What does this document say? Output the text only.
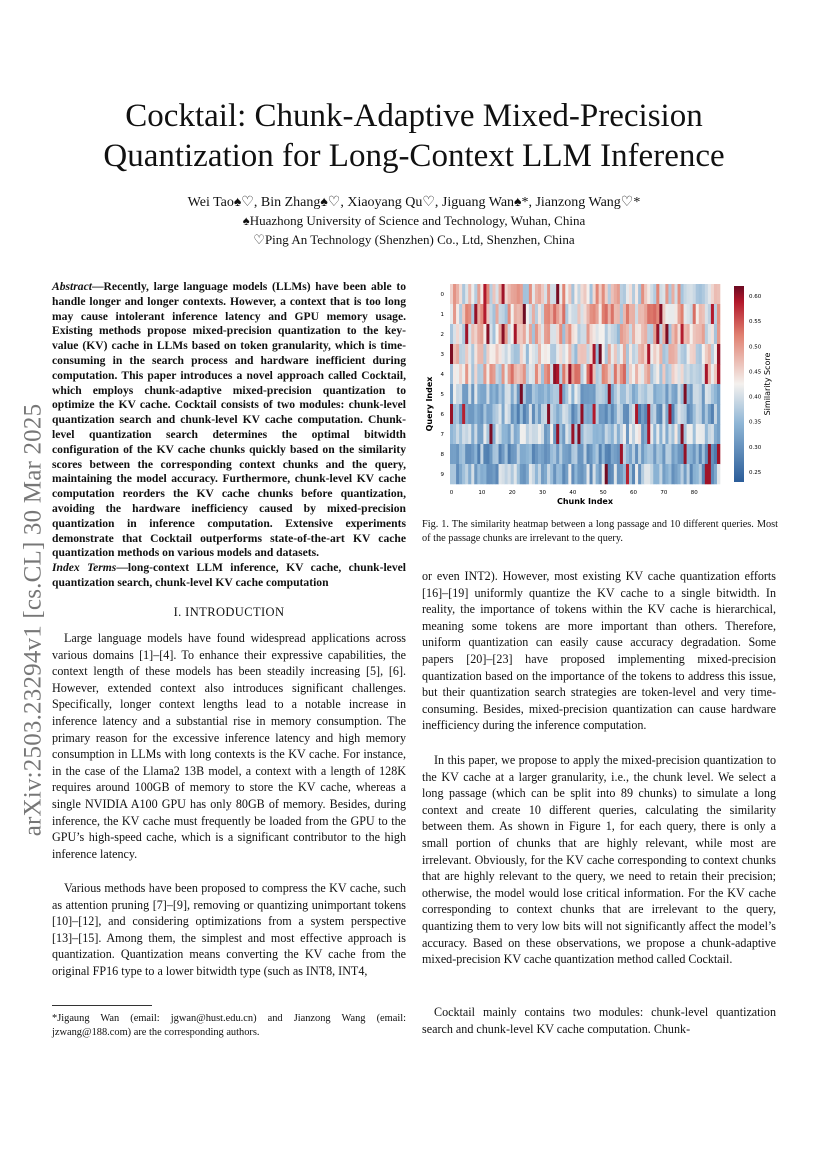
arXiv:2503.23294v1 [cs.CL] 30 Mar 2025
Cocktail: Chunk-Adaptive Mixed-Precision
Quantization for Long-Context LLM Inference
Wei Tao♠♡, Bin Zhang♠♡, Xiaoyang Qu♡, Jiguang Wan♠*, Jianzong Wang♡*
♠Huazhong University of Science and Technology, Wuhan, China
♡Ping An Technology (Shenzhen) Co., Ltd, Shenzhen, China
Abstract—Recently, large language models (LLMs) have been able to handle longer and longer contexts. However, a context that is too long may cause intolerant inference latency and GPU memory usage. Existing methods propose mixed-precision quantization to the key-value (KV) cache in LLMs based on token granularity, which is time-consuming in the search process and hardware inefficient during computation. This paper introduces a novel approach called Cocktail, which employs chunk-adaptive mixed-precision quantization to optimize the KV cache. Cocktail consists of two modules: chunk-level quantization search and chunk-level KV cache computation. Chunk-level quantization search determines the optimal bitwidth configuration of the KV cache chunks quickly based on the similarity scores between the corresponding context chunks and the query, maintaining the model accuracy. Furthermore, chunk-level KV cache computation reorders the KV cache chunks before quantization, avoiding the hardware inefficiency caused by mixed-precision quantization in inference computation. Extensive experiments demonstrate that Cocktail outperforms state-of-the-art KV cache quantization methods on various models and datasets.
Index Terms—long-context LLM inference, KV cache, chunk-level quantization search, chunk-level KV cache computation
I. INTRODUCTION
Large language models have found widespread applications across various domains [1]–[4]. To enhance their expressive capabilities, the context length of these models has been steadily increasing [5], [6]. However, extended context also introduces significant challenges. Specifically, longer context lengths lead to a notable increase in inference latency and a substantial rise in memory consumption. The primary reason for the excessive inference latency and high memory consumption in LLMs with long contexts is the KV cache. For instance, in the case of the Llama2 13B model, a context with a length of 128K requires around 100GB of memory to store the KV cache, whereas a single NVIDIA A100 GPU has only 80GB of memory. Besides, during inference, the KV cache must frequently be loaded from the GPU to the GPU’s high-speed cache, which is a significant contributor to the high inference latency.
Various methods have been proposed to compress the KV cache, such as attention pruning [7]–[9], removing or quantizing unimportant tokens [10]–[12], and considering optimizations from a system perspective [13]–[15]. Among them, the simplest and most effective approach is quantization. Quantization means converting the KV cache from the original FP16 type to a lower bitwidth type (such as INT8, INT4,
*Jigaung Wan (email: jgwan@hust.edu.cn) and Jianzong Wang (email: jzwang@188.com) are the corresponding authors.
0
1
2
3
4
5
6
7
8
9
0	10	20	30	40	50	60	70	80
Query Index
Chunk Index
0.25
0.30
0.35
0.40
0.45
0.50
0.55
0.60
Similarity Score
Fig. 1. The similarity heatmap between a long passage and 10 different queries. Most of the passage chunks are irrelevant to the query.
or even INT2). However, most existing KV cache quantization efforts [16]–[19] uniformly quantize the KV cache to a single bitwidth. In reality, the importance of tokens within the KV cache is hierarchical, meaning some tokens are more important than others. Therefore, uniform quantization can easily cause accuracy degradation. Some papers [20]–[23] have proposed implementing mixed-precision quantization based on the importance of the tokens to address this issue, but their quantization search strategies are token-level and very time-consuming. Besides, mixed-precision quantization can cause hardware inefficiency during the inference computation.
In this paper, we propose to apply the mixed-precision quantization to the KV cache at a larger granularity, i.e., the chunk level. We select a long passage (which can be split into 89 chunks) to simulate a long context and create 10 different queries, calculating the similarity between them. As shown in Figure 1, for each query, there is only a small portion of chunks that are highly relevant, while most are irrelevant. Obviously, for the KV cache corresponding to context chunks that are highly relevant to the query, we need to retain their precision; otherwise, the model would lose critical information. For the KV cache corresponding to context chunks that are irrelevant to the query, quantizing them to very low bits will not significantly affect the model’s accuracy. Based on these observations, we propose a chunk-adaptive mixed-precision KV cache quantization method called Cocktail.
Cocktail mainly contains two modules: chunk-level quantization search and chunk-level KV cache computation. Chunk-
